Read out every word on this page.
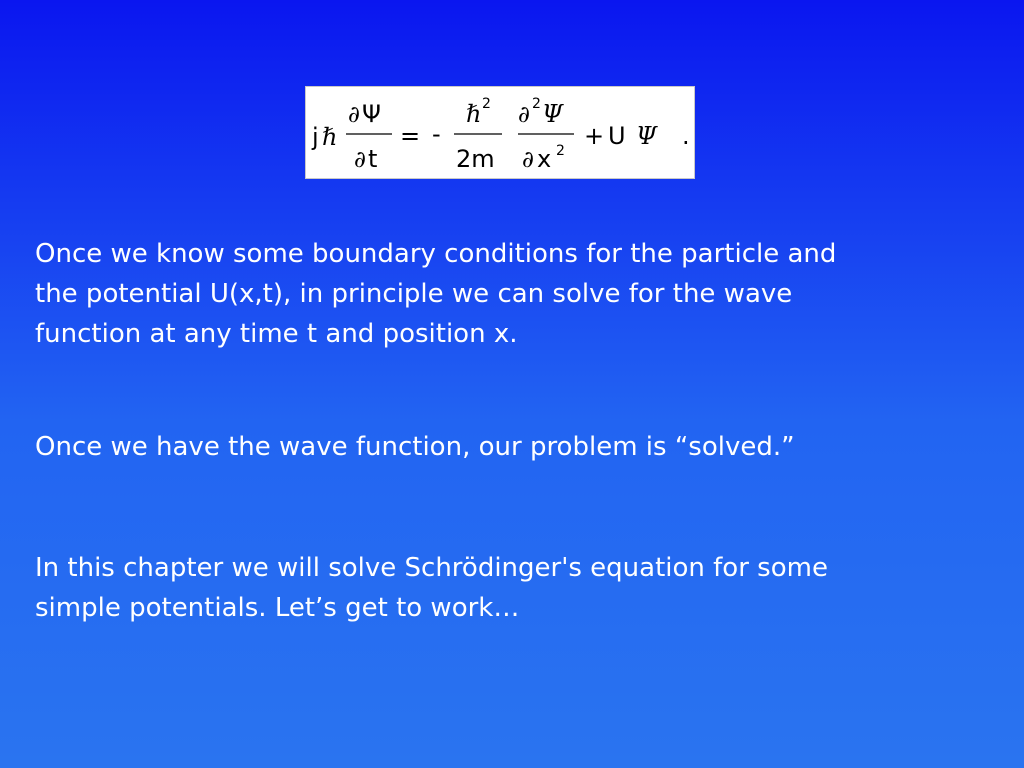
j ℏ
∂ Ψ
∂ t
= -
ℏ 2
2m
∂ 2 Ψ
∂ x 2
+ U Ψ .

Once we know some boundary conditions for the particle and
the potential U(x,t), in principle we can solve for the wave
function at any time t and position x.

Once we have the wave function, our problem is “solved.”

In this chapter we will solve Schrödinger's equation for some
simple potentials. Let’s get to work…
